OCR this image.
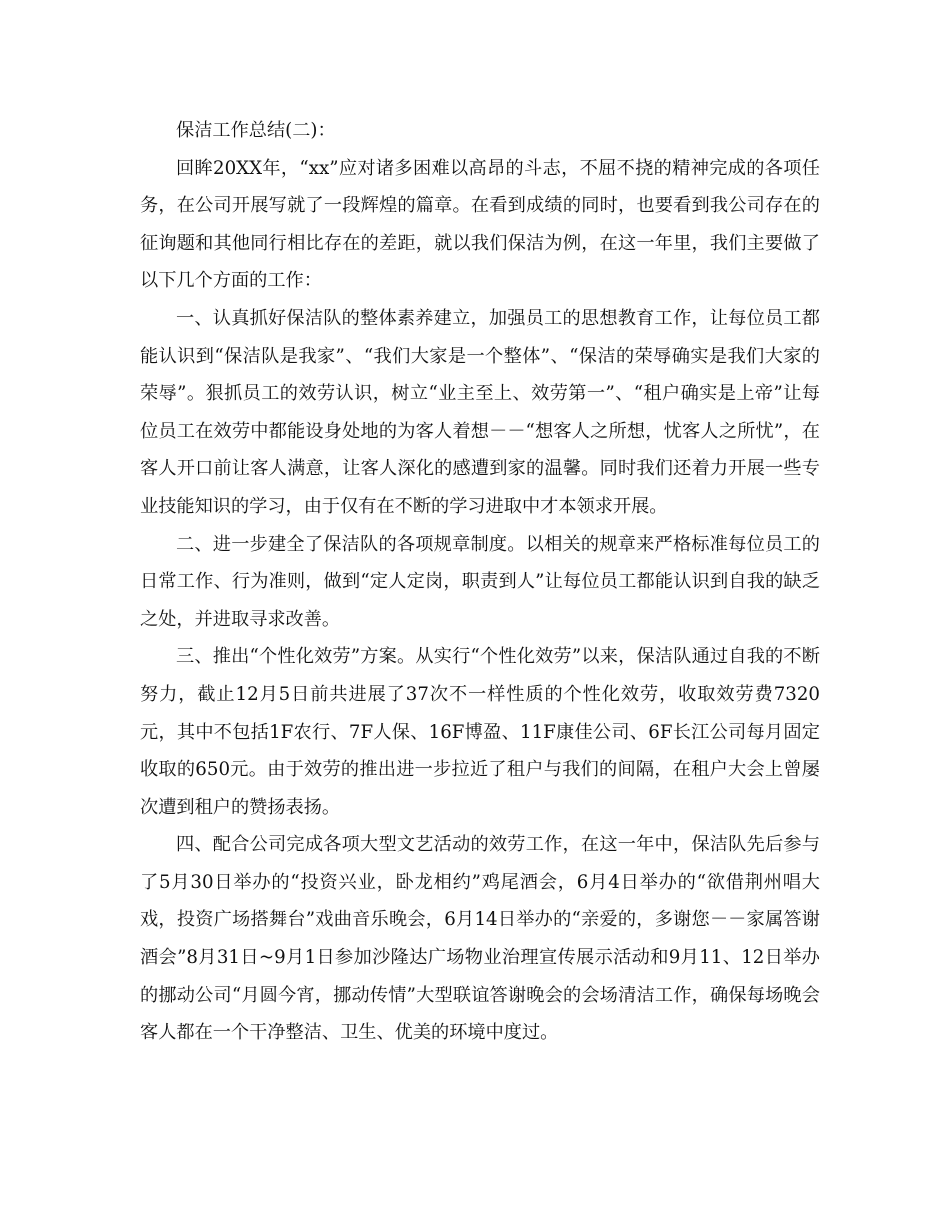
保洁工作总结(二)：

回眸20XX年，“xx”应对诸多困难以高昂的斗志，不屈不挠的精神完成的各项任务，在公司开展写就了一段辉煌的篇章。在看到成绩的同时，也要看到我公司存在的征询题和其他同行相比存在的差距，就以我们保洁为例，在这一年里，我们主要做了以下几个方面的工作：

一、认真抓好保洁队的整体素养建立，加强员工的思想教育工作，让每位员工都能认识到“保洁队是我家”、“我们大家是一个整体”、“保洁的荣辱确实是我们大家的荣辱”。狠抓员工的效劳认识，树立“业主至上、效劳第一”、“租户确实是上帝”让每位员工在效劳中都能设身处地的为客人着想－－“想客人之所想，忧客人之所忧”，在客人开口前让客人满意，让客人深化的感遭到家的温馨。同时我们还着力开展一些专业技能知识的学习，由于仅有在不断的学习进取中才本领求开展。

二、进一步建全了保洁队的各项规章制度。以相关的规章来严格标准每位员工的日常工作、行为准则，做到“定人定岗，职责到人”让每位员工都能认识到自我的缺乏之处，并进取寻求改善。

三、推出“个性化效劳”方案。从实行“个性化效劳”以来，保洁队通过自我的不断努力，截止12月5日前共进展了37次不一样性质的个性化效劳，收取效劳费7320元，其中不包括1F农行、7F人保、16F博盈、11F康佳公司、6F长江公司每月固定收取的650元。由于效劳的推出进一步拉近了租户与我们的间隔，在租户大会上曾屡次遭到租户的赞扬表扬。

四、配合公司完成各项大型文艺活动的效劳工作，在这一年中，保洁队先后参与了5月30日举办的“投资兴业，卧龙相约”鸡尾酒会，6月4日举办的“欲借荆州唱大戏，投资广场搭舞台”戏曲音乐晚会，6月14日举办的“亲爱的，多谢您－－家属答谢酒会”8月31日~9月1日参加沙隆达广场物业治理宣传展示活动和9月11、12日举办的挪动公司“月圆今宵，挪动传情”大型联谊答谢晚会的会场清洁工作，确保每场晚会客人都在一个干净整洁、卫生、优美的环境中度过。
